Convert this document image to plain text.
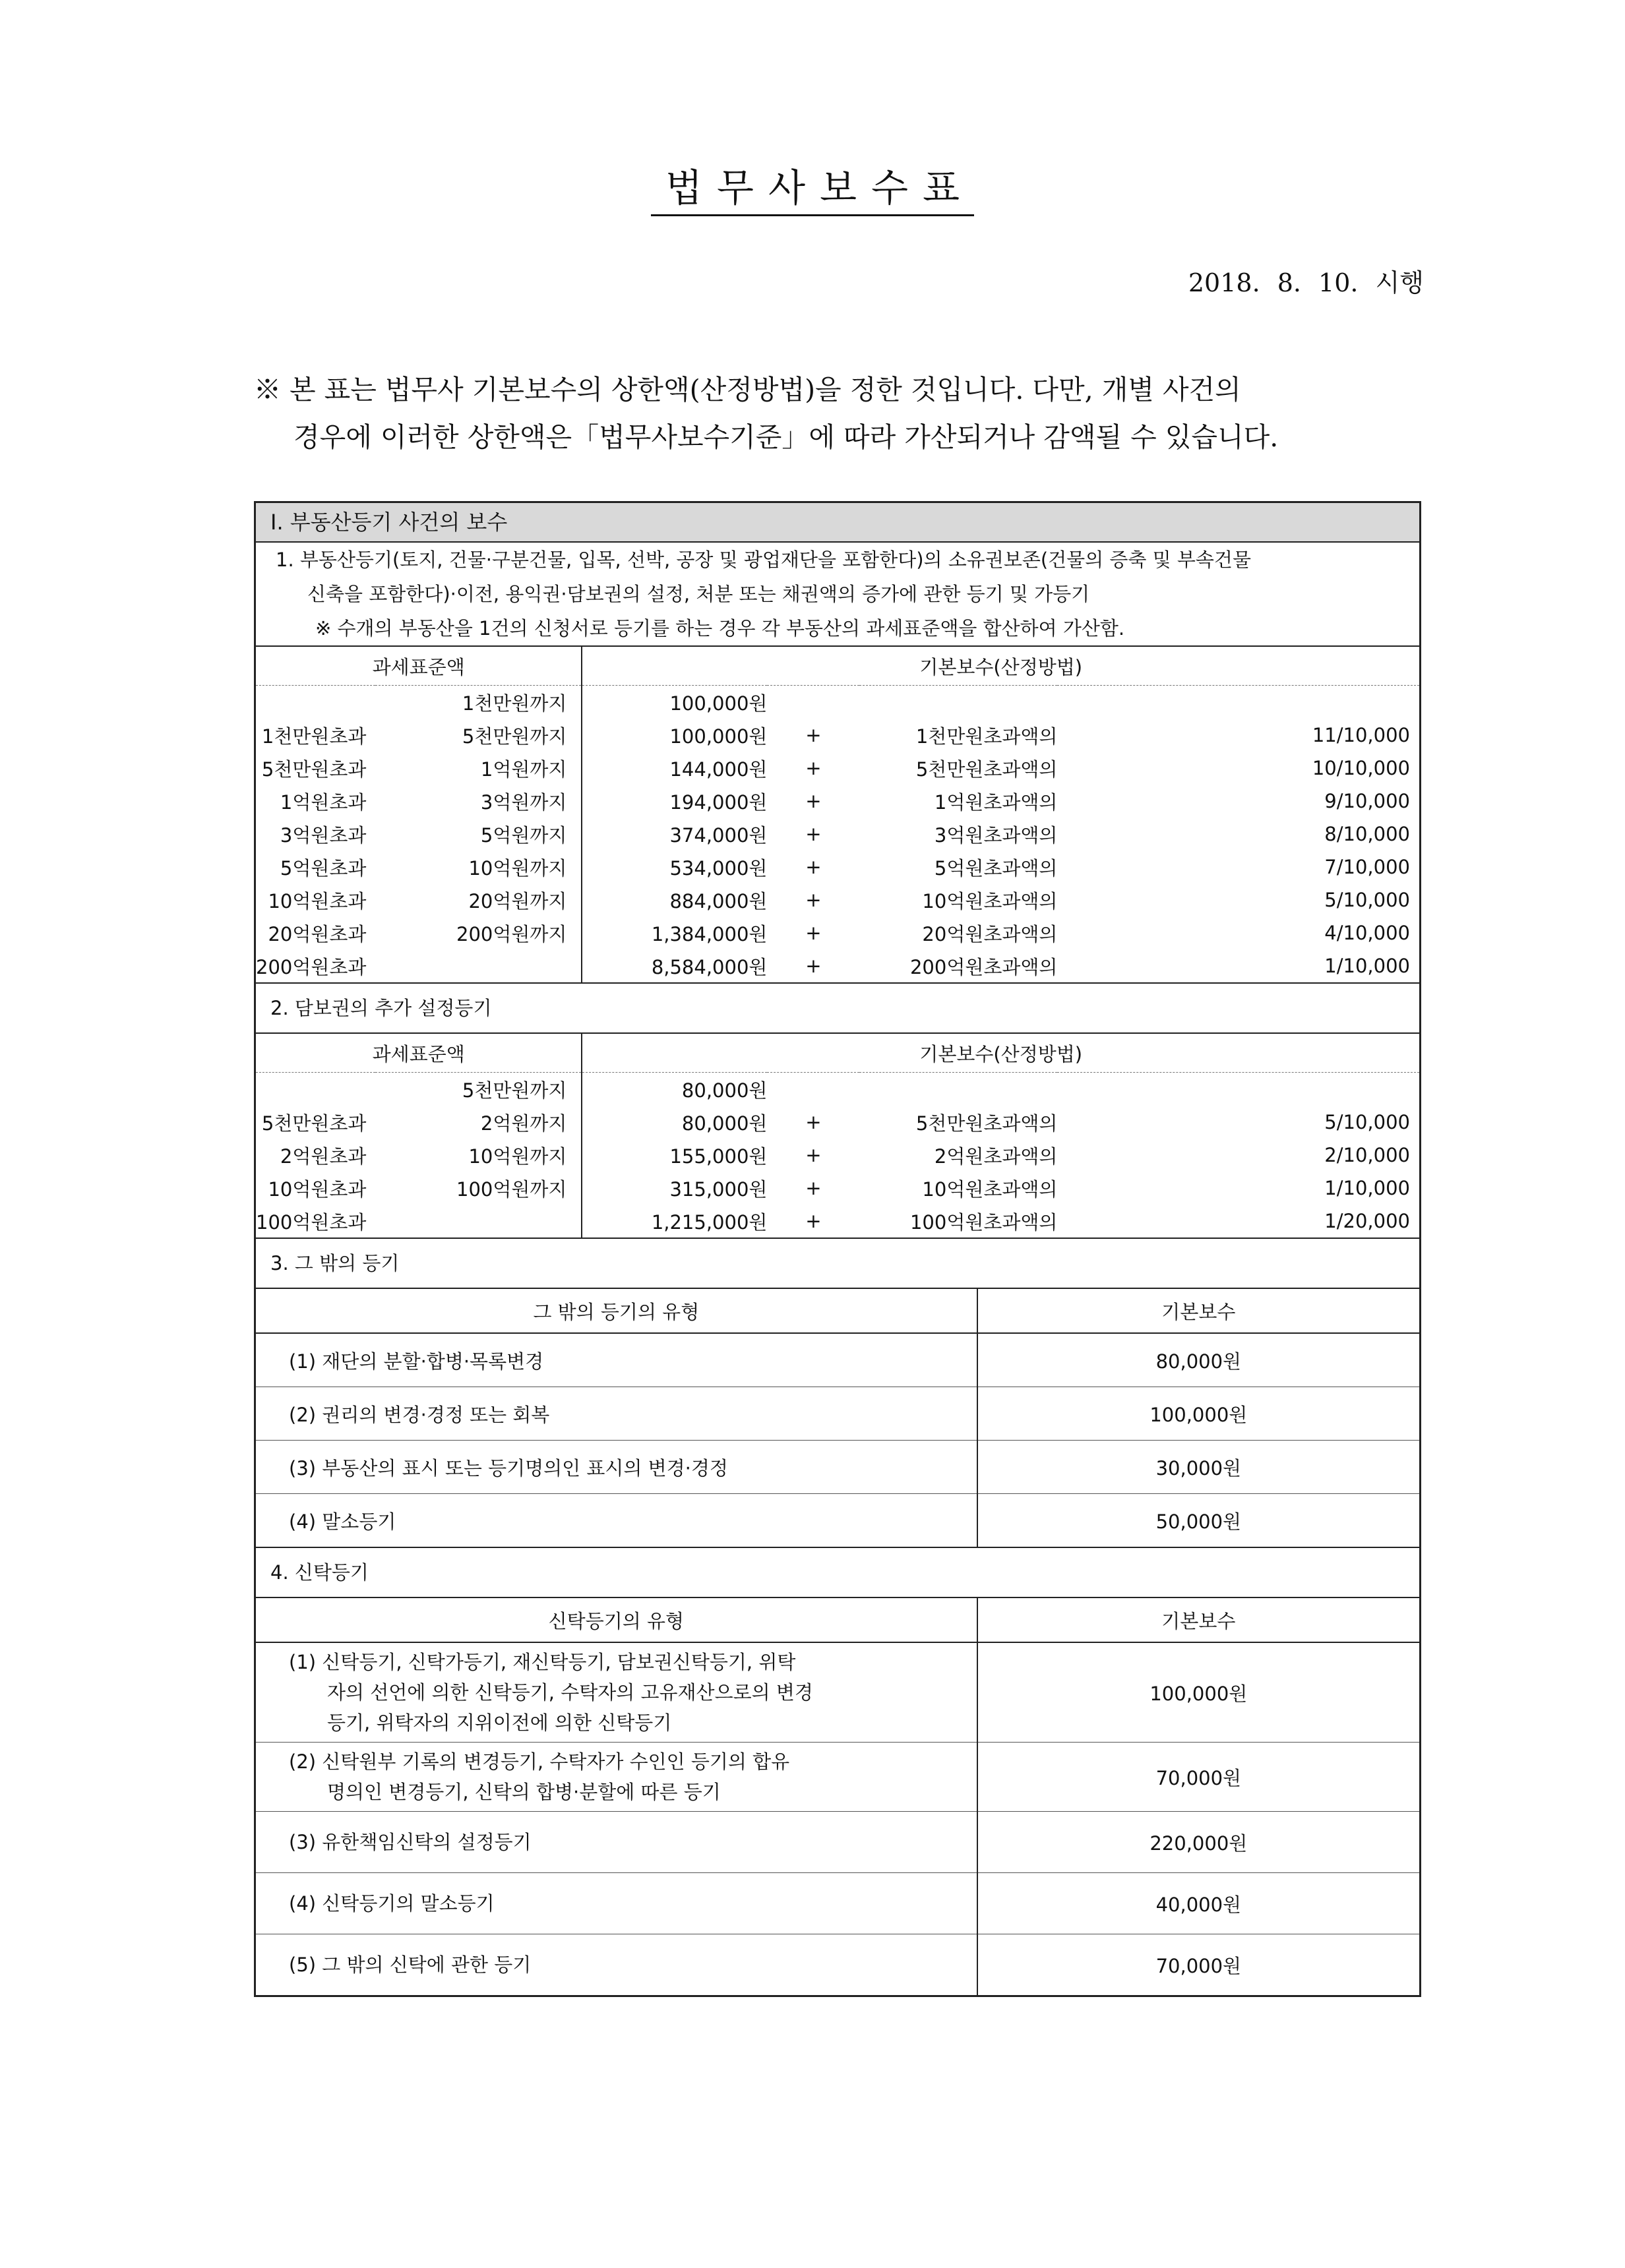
법무사보수표
2018. 8. 10. 시행
※ 본 표는 법무사 기본보수의 상한액(산정방법)을 정한 것입니다. 다만, 개별 사건의
경우에 이러한 상한액은「법무사보수기준」에 따라 가산되거나 감액될 수 있습니다.
Ⅰ. 부동산등기 사건의 보수
1. 부동산등기(토지, 건물·구분건물, 입목, 선박, 공장 및 광업재단을 포함한다)의 소유권보존(건물의 증축 및 부속건물
신축을 포함한다)·이전, 용익권·담보권의 설정, 처분 또는 채권액의 증가에 관한 등기 및 가등기
※ 수개의 부동산을 1건의 신청서로 등기를 하는 경우 각 부동산의 과세표준액을 합산하여 가산함.
과세표준액		기본보수(산정방법)			
	1천만원까지	100,000원			
1천만원초과	5천만원까지	100,000원	+	1천만원초과액의	11/10,000
5천만원초과	1억원까지	144,000원	+	5천만원초과액의	10/10,000
1억원초과	3억원까지	194,000원	+	1억원초과액의	9/10,000
3억원초과	5억원까지	374,000원	+	3억원초과액의	8/10,000
5억원초과	10억원까지	534,000원	+	5억원초과액의	7/10,000
10억원초과	20억원까지	884,000원	+	10억원초과액의	5/10,000
20억원초과	200억원까지	1,384,000원	+	20억원초과액의	4/10,000
200억원초과		8,584,000원	+	200억원초과액의	1/10,000
2. 담보권의 추가 설정등기
과세표준액		기본보수(산정방법)			
	5천만원까지	80,000원			
5천만원초과	2억원까지	80,000원	+	5천만원초과액의	5/10,000
2억원초과	10억원까지	155,000원	+	2억원초과액의	2/10,000
10억원초과	100억원까지	315,000원	+	10억원초과액의	1/10,000
100억원초과		1,215,000원	+	100억원초과액의	1/20,000
3. 그 밖의 등기
그 밖의 등기의 유형	기본보수
(1) 재단의 분할·합병·목록변경	80,000원
(2) 권리의 변경·경정 또는 회복	100,000원
(3) 부동산의 표시 또는 등기명의인 표시의 변경·경정	30,000원
(4) 말소등기	50,000원
4. 신탁등기
신탁등기의 유형	기본보수

(1) 신탁등기, 신탁가등기, 재신탁등기, 담보권신탁등기, 위탁
자의 선언에 의한 신탁등기, 수탁자의 고유재산으로의 변경
등기, 위탁자의 지위이전에 의한 신탁등기	100,000원

(2) 신탁원부 기록의 변경등기, 수탁자가 수인인 등기의 합유
명의인 변경등기, 신탁의 합병·분할에 따른 등기	70,000원

(3) 유한책임신탁의 설정등기	220,000원

(4) 신탁등기의 말소등기	40,000원

(5) 그 밖의 신탁에 관한 등기	70,000원
